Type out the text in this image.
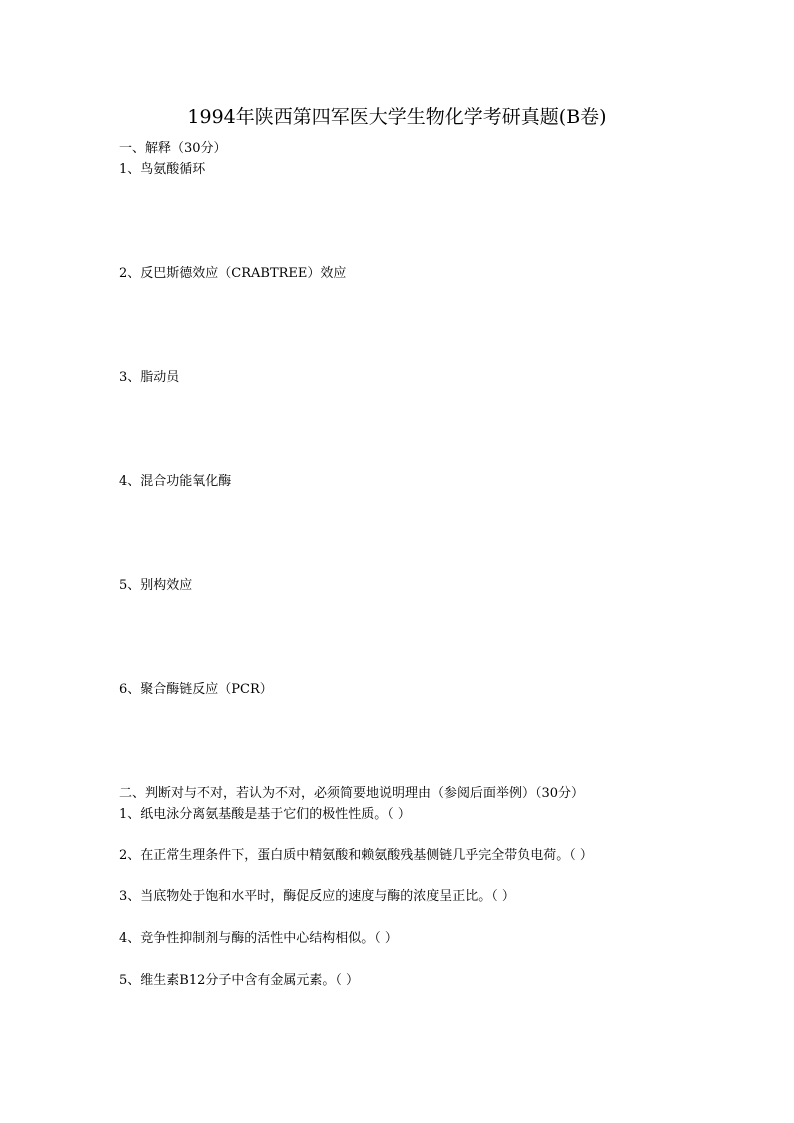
1994年陕西第四军医大学生物化学考研真题(B卷)
一、解释（30分）
1、鸟氨酸循环
2、反巴斯德效应（CRABTREE）效应
3、脂动员
4、混合功能氧化酶
5、别构效应
6、聚合酶链反应（PCR）
二、判断对与不对，若认为不对，必须简要地说明理由（参阅后面举例）（30分）
1、纸电泳分离氨基酸是基于它们的极性性质。（ ）
2、在正常生理条件下，蛋白质中精氨酸和赖氨酸残基侧链几乎完全带负电荷。（ ）
3、当底物处于饱和水平时，酶促反应的速度与酶的浓度呈正比。（ ）
4、竞争性抑制剂与酶的活性中心结构相似。（ ）
5、维生素B12分子中含有金属元素。（ ）
